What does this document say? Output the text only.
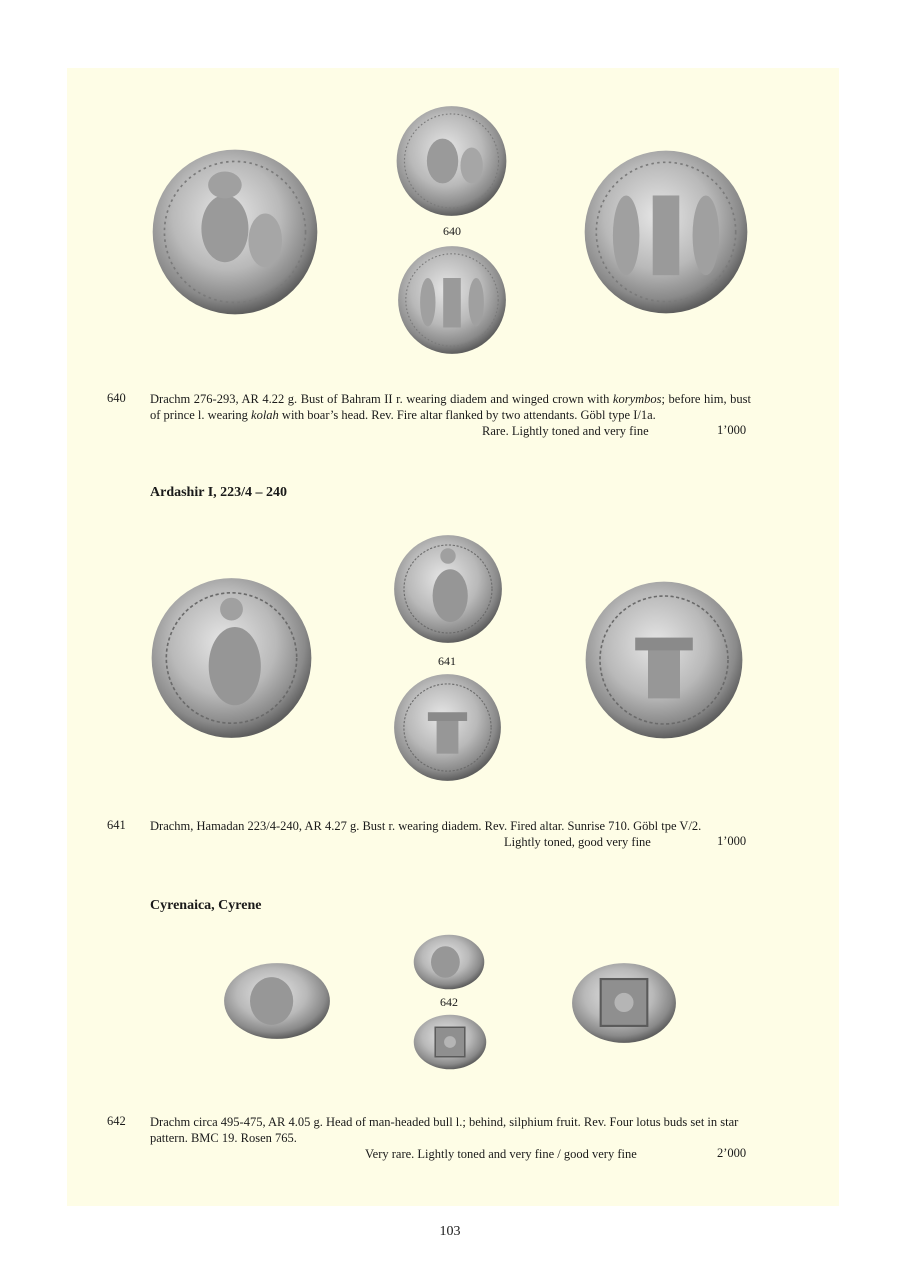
640
640 Drachm 276-293, AR 4.22 g. Bust of Bahram II r. wearing diadem and winged crown with korymbos; before him, bust of prince l. wearing kolah with boar’s head. Rev. Fire altar flanked by two attendants. Göbl type I/1a.

Rare. Lightly toned and very fine	1’000
Ardashir I, 223/4 – 240
641
641 Drachm, Hamadan 223/4-240, AR 4.27 g. Bust r. wearing diadem. Rev. Fired altar. Sunrise 710. Göbl tpe V/2.

Lightly toned, good very fine	1’000
Cyrenaica, Cyrene
642
642 Drachm circa 495-475, AR 4.05 g. Head of man-headed bull l.; behind, silphium fruit. Rev. Four lotus buds set in star pattern. BMC 19. Rosen 765.

Very rare. Lightly toned and very fine / good very fine	2’000
103
